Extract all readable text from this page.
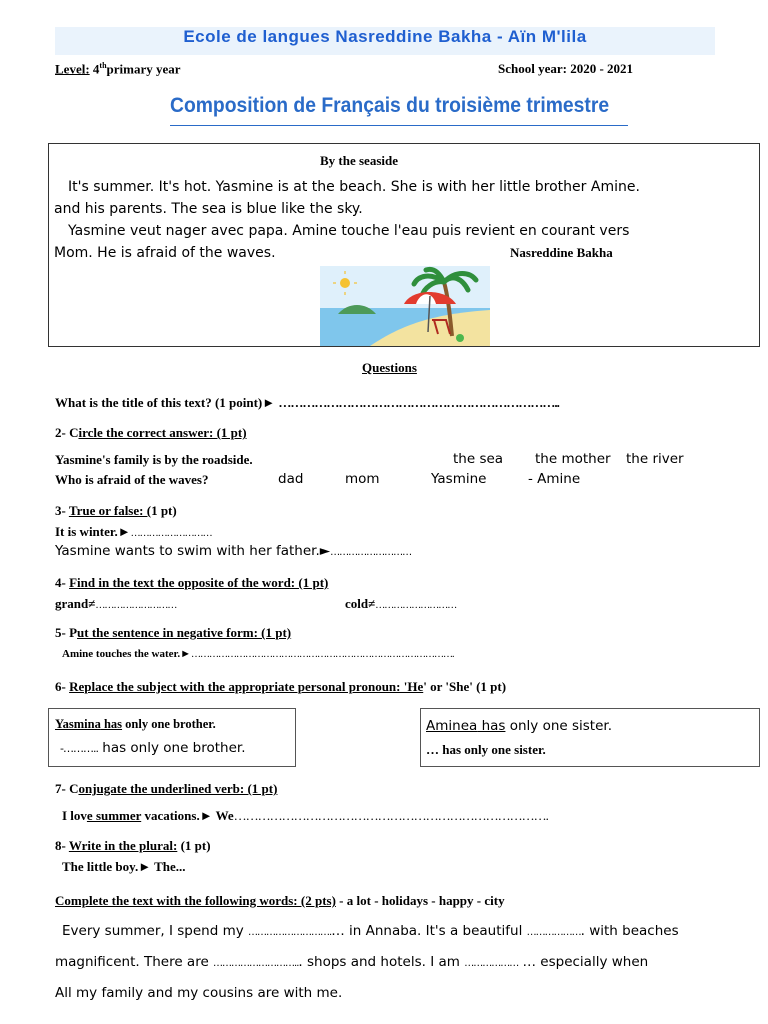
Ecole de langues Nasreddine Bakha - Aïn M'lila
Level: 4thprimary year	School year: 2020 - 2021
Composition de Français du troisième trimestre
By the seaside
It's summer. It's hot. Yasmine is at the beach. She is with her little brother Amine.
and his parents. The sea is blue like the sky.
Yasmine veut nager avec papa. Amine touche l'eau puis revient en courant vers
Mom. He is afraid of the waves.	Nasreddine Bakha
Questions
What is the title of this text? (1 point)► ……………………………………………………………..
2- Circle the correct answer: (1 pt)
Yasmine's family is by the roadside.	the sea the mother the river
Who is afraid of the waves?	dad	mom	Yasmine	- Amine
3- True or false: (1 pt)
It is winter.►………………………
Yasmine wants to swim with her father.►………………………
4- Find in the text the opposite of the word: (1 pt)
grand≠………………………	cold≠………………………
5- Put the sentence in negative form: (1 pt)
Amine touches the water.►…………………………………………………………………………….
6- Replace the subject with the appropriate personal pronoun: 'He' or 'She' (1 pt)
Yasmina has only one brother.
-……….. has only one brother.
Aminea has only one sister.
… has only one sister.
7- Conjugate the underlined verb: (1 pt)
I love summer vacations.► We…………………………………………………………………….
8- Write in the plural: (1 pt)
The little boy.► The...
Complete the text with the following words: (2 pts) - a lot - holidays - happy - city
Every summer, I spend my ……………………….… in Annaba. It's a beautiful ………………. with beaches
magnificent. There are ………………………... shops and hotels. I am ……………… … especially when
All my family and my cousins are with me.
